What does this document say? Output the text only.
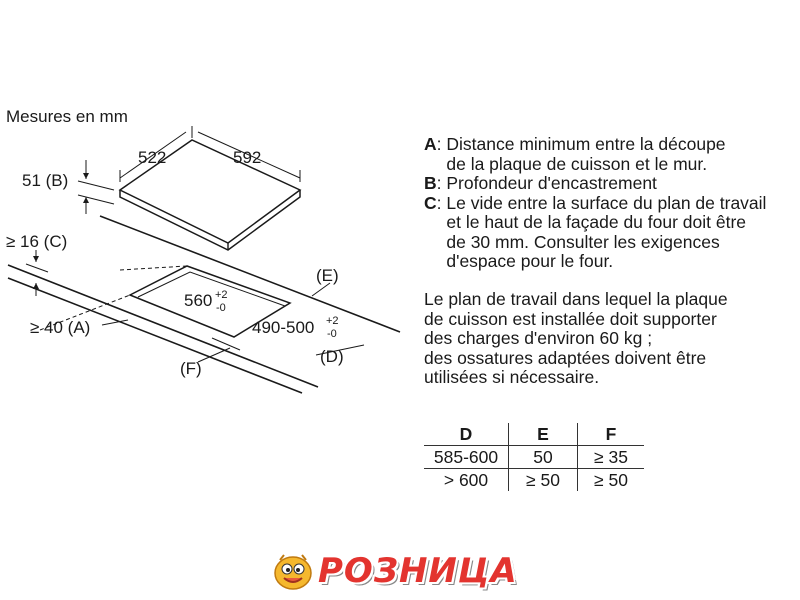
Mesures en mm
522	592
51 (B)
≥ 16 (C)
≥ 40 (A)
(E)
(D)
(F)
560 +2
-0
490-500 +2
-0
A : Distance minimum entre la découpe
de la plaque de cuisson et le mur.
B : Profondeur d'encastrement
C : Le vide entre la surface du plan de travail
et le haut de la façade du four doit être
de 30 mm. Consulter les exigences
d'espace pour le four.
Le plan de travail dans lequel la plaque
de cuisson est installée doit supporter
des charges d'environ 60 kg ;
des ossatures adaptées doivent être
utilisées si nécessaire.
D	E	F
585-600	50	≥ 35
> 600	≥ 50	≥ 50
РОЗНИЦА
